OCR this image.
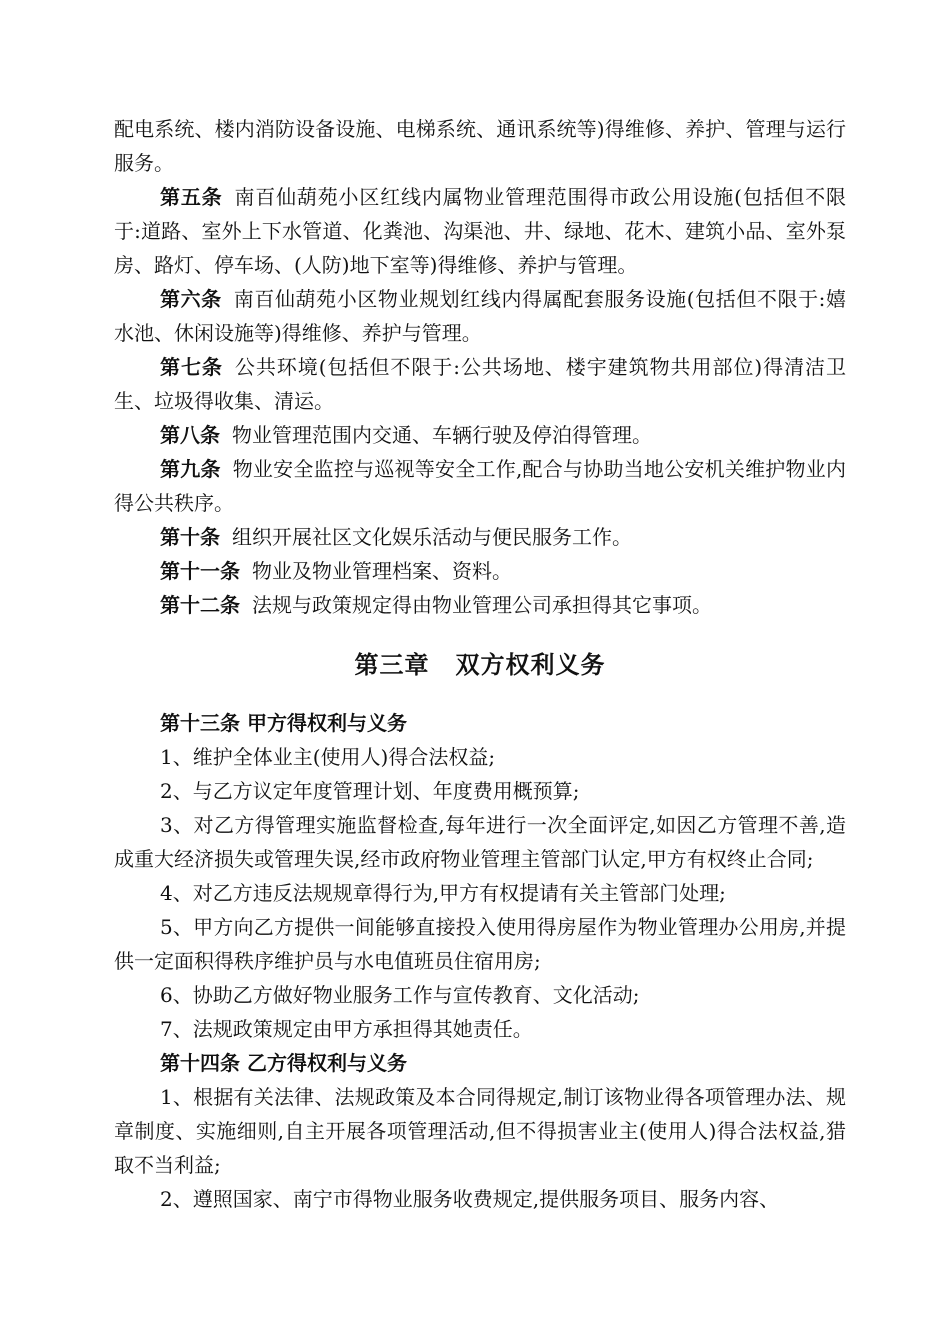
配电系统、楼内消防设备设施、电梯系统、通讯系统等)得维修、养护、管理与运行服务。

第五条 南百仙葫苑小区红线内属物业管理范围得市政公用设施(包括但不限于:道路、室外上下水管道、化粪池、沟渠池、井、绿地、花木、建筑小品、室外泵房、路灯、停车场、(人防)地下室等)得维修、养护与管理。

第六条 南百仙葫苑小区物业规划红线内得属配套服务设施(包括但不限于:嬉水池、休闲设施等)得维修、养护与管理。

第七条 公共环境(包括但不限于:公共场地、楼宇建筑物共用部位)得清洁卫生、垃圾得收集、清运。

第八条 物业管理范围内交通、车辆行驶及停泊得管理。

第九条 物业安全监控与巡视等安全工作,配合与协助当地公安机关维护物业内得公共秩序。

第十条 组织开展社区文化娱乐活动与便民服务工作。

第十一条 物业及物业管理档案、资料。

第十二条 法规与政策规定得由物业管理公司承担得其它事项。

第三章 双方权利义务

第十三条 甲方得权利与义务

1、维护全体业主(使用人)得合法权益;

2、与乙方议定年度管理计划、年度费用概预算;

3、对乙方得管理实施监督检查,每年进行一次全面评定,如因乙方管理不善,造成重大经济损失或管理失误,经市政府物业管理主管部门认定,甲方有权终止合同;

4、对乙方违反法规规章得行为,甲方有权提请有关主管部门处理;

5、甲方向乙方提供一间能够直接投入使用得房屋作为物业管理办公用房,并提供一定面积得秩序维护员与水电值班员住宿用房;

6、协助乙方做好物业服务工作与宣传教育、文化活动;

7、法规政策规定由甲方承担得其她责任。

第十四条 乙方得权利与义务

1、根据有关法律、法规政策及本合同得规定,制订该物业得各项管理办法、规章制度、实施细则,自主开展各项管理活动,但不得损害业主(使用人)得合法权益,猎取不当利益;

2、遵照国家、南宁市得物业服务收费规定,提供服务项目、服务内容、
